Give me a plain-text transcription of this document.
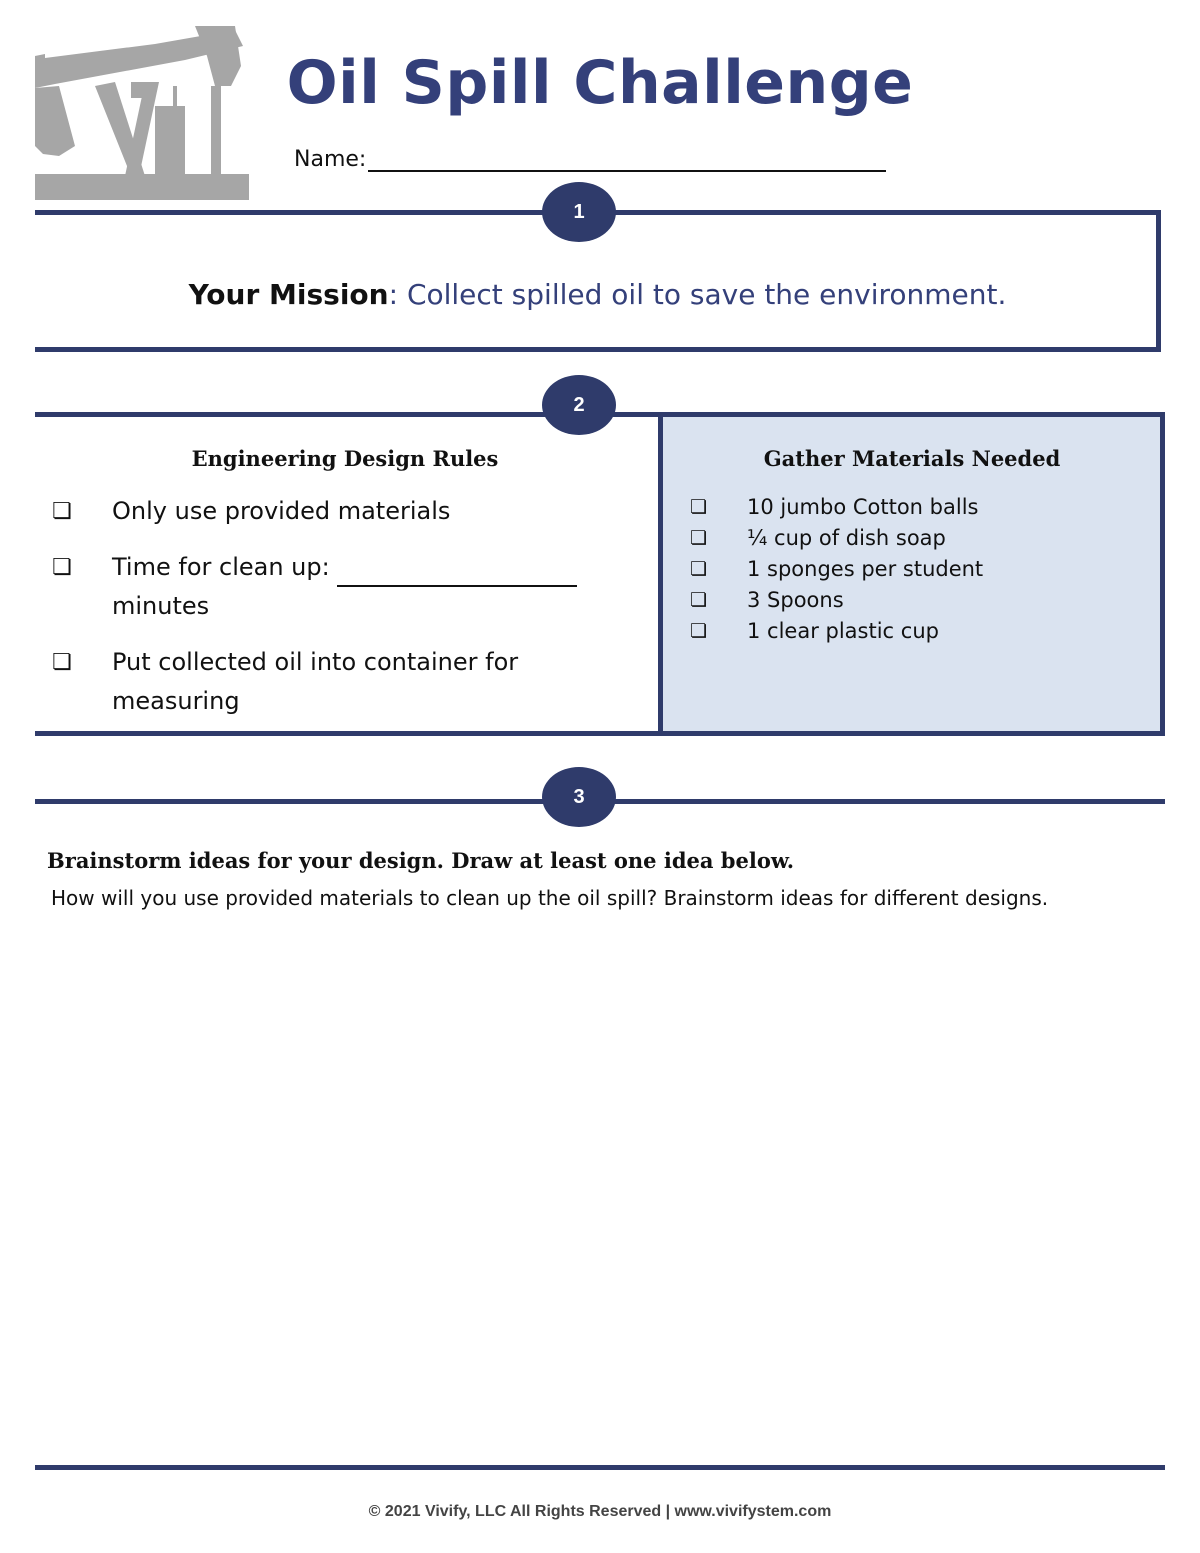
Oil Spill Challenge
Name:
1
Your Mission: Collect spilled oil to save the environment.
2
Engineering Design Rules
❏ Only use provided materials
❏ Time for clean up:
minutes
❏ Put collected oil into container for measuring
Gather Materials Needed
❏ 10 jumbo Cotton balls
❏ ¼ cup of dish soap
❏ 1 sponges per student
❏ 3 Spoons
❏ 1 clear plastic cup
3
Brainstorm ideas for your design. Draw at least one idea below.
How will you use provided materials to clean up the oil spill? Brainstorm ideas for different designs.
© 2021 Vivify, LLC All Rights Reserved | www.vivifystem.com
